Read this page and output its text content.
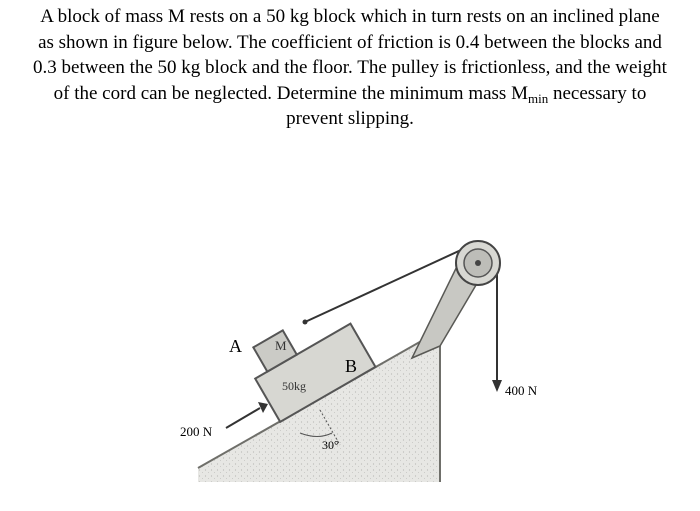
A block of mass M rests on a 50 kg block which in turn rests on an inclined plane
as shown in figure below. The coefficient of friction is 0.4 between the blocks and
0.3 between the 50 kg block and the floor. The pulley is frictionless, and the weight
of the cord can be neglected. Determine the minimum mass $M_{min}$ necessary to
prevent slipping.
A	M
B
50kg
200 N
400 N
30°
